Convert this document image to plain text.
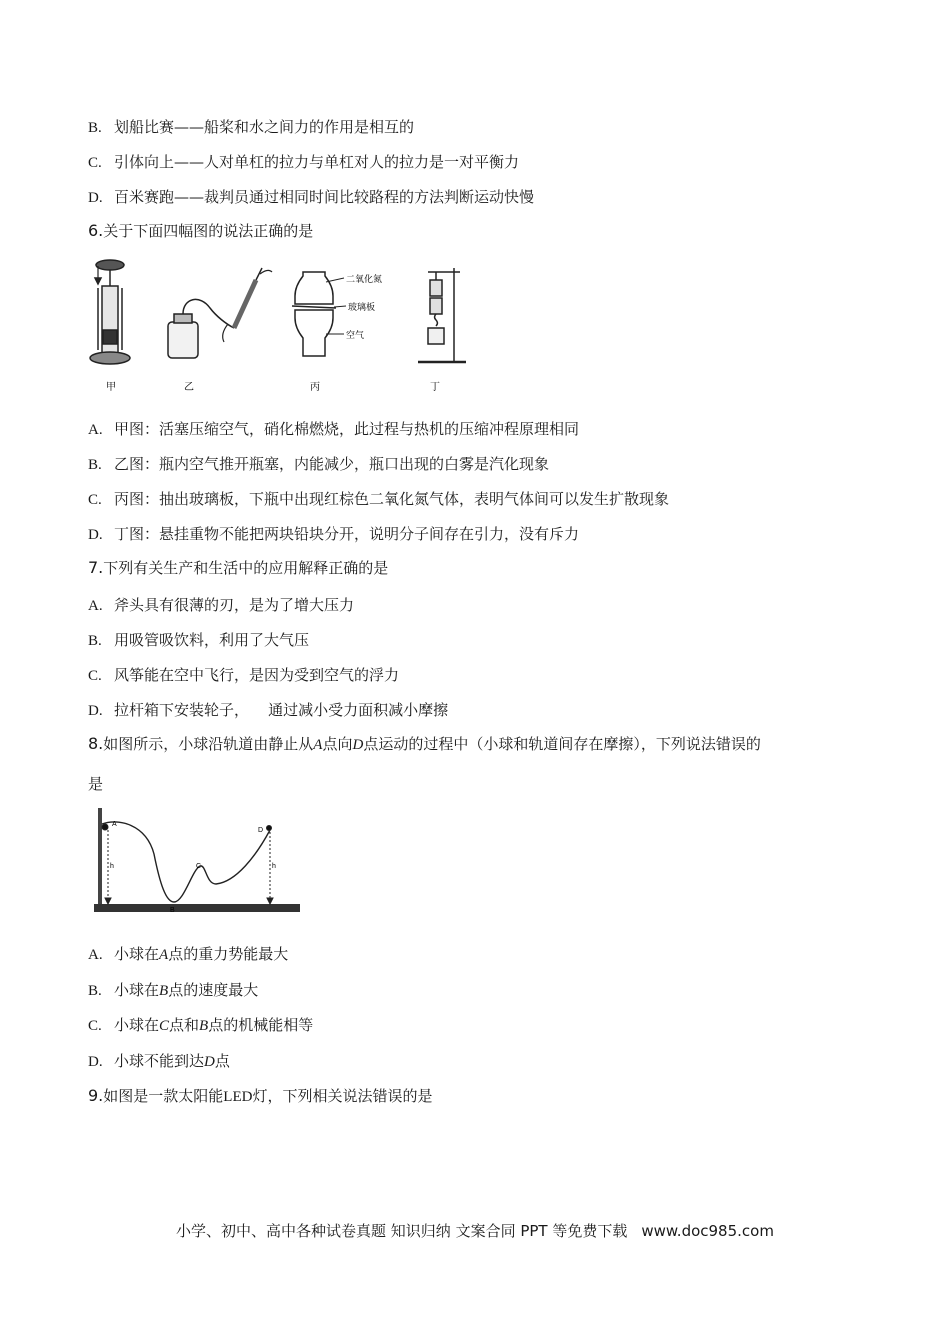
B. 划船比赛——船桨和水之间力的作用是相互的
C. 引体向上——人对单杠的拉力与单杠对人的拉力是一对平衡力
D. 百米赛跑——裁判员通过相同时间比较路程的方法判断运动快慢
6.关于下面四幅图的说法正确的是
甲	乙
二氧化氮
玻璃板
空气
丙	丁
A. 甲图：活塞压缩空气，硝化棉燃烧，此过程与热机的压缩冲程原理相同
B. 乙图：瓶内空气推开瓶塞，内能减少，瓶口出现的白雾是汽化现象
C. 丙图：抽出玻璃板，下瓶中出现红棕色二氧化氮气体，表明气体间可以发生扩散现象
D. 丁图：悬挂重物不能把两块铅块分开，说明分子间存在引力，没有斥力
7.下列有关生产和生活中的应用解释正确的是
A. 斧头具有很薄的刃，是为了增大压力
B. 用吸管吸饮料，利用了大气压
C. 风筝能在空中飞行，是因为受到空气的浮力
D. 拉杆箱下安装轮子，    通过减小受力面积减小摩擦
8.如图所示，小球沿轨道由静止从A点向D点运动的过程中（小球和轨道间存在摩擦），下列说法错误的
是
A
B
C
D
h	h
A. 小球在A点的重力势能最大
B. 小球在B点的速度最大
C. 小球在C点和B点的机械能相等
D. 小球不能到达D点
9.如图是一款太阳能LED灯，下列相关说法错误的是
小学、初中、高中各种试卷真题 知识归纳 文案合同 PPT 等免费下载 www.doc985.com
